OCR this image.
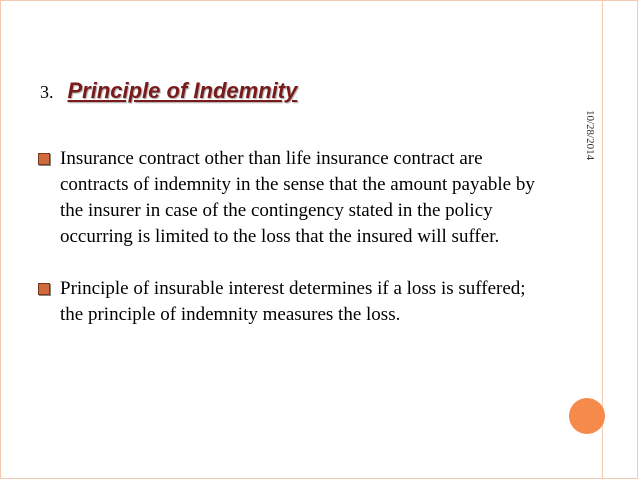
3. Principle of Indemnity
10/28/2014
Insurance contract other than life insurance contract are contracts of indemnity in the sense that the amount payable by the insurer in case of the contingency stated in the policy occurring is limited to the loss that the insured will suffer.
Principle of insurable interest determines if a loss is suffered; the principle of indemnity measures the loss.
